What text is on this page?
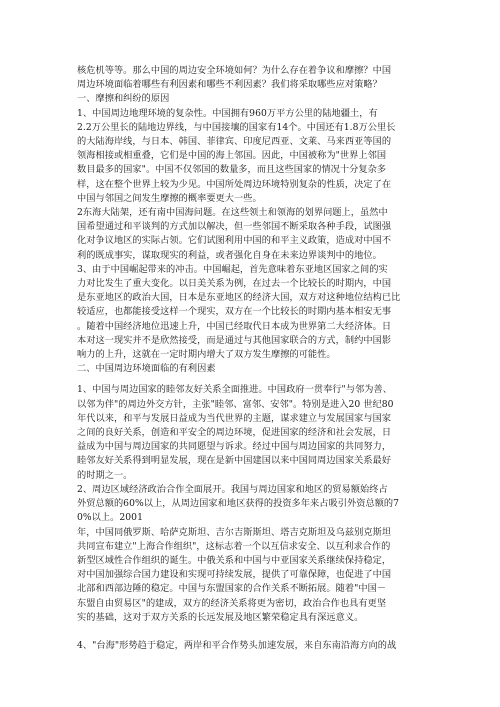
核危机等等。那么中国的周边安全环境如何？为什么存在着争议和摩擦？中国
周边环境面临着哪些有利因素和哪些不利因素？我们将采取哪些应对策略？
一、摩擦和纠纷的原因
1、中国周边地理环境的复杂性。中国拥有960万平方公里的陆地疆土，有
2.2万公里长的陆地边界线，与中国接壤的国家有14个。中国还有1.8万公里长
的大陆海岸线，与日本、韩国、菲律宾、印度尼西亚、文莱、马来西亚等国的
领海相接或相重叠，它们是中国的海上邻国。因此，中国被称为"世界上邻国
数目最多的国家"。中国不仅邻国的数量多，而且这些国家的情况十分复杂多
样，这在整个世界上较为少见。中国所处周边环境特别复杂的性质，决定了在
中国与邻国之间发生摩擦的概率要更大一些。
2东海大陆架，还有南中国海问题。在这些领土和领海的划界问题上，虽然中
国希望通过和平谈判的方式加以解决，但一些邻国不断采取各种手段，试图强
化对争议地区的实际占领。它们试图利用中国的和平主义政策，造成对中国不
利的既成事实，谋取现实的利益，或者强化自身在未来边界谈判中的地位。
3、由于中国崛起带来的冲击。中国崛起，首先意味着东亚地区国家之间的实
力对比发生了重大变化。以日美关系为例，在过去一个比较长的时期内，中国
是东亚地区的政治大国，日本是东亚地区的经济大国，双方对这种地位结构已比
较适应，也都能接受这样一个现实，双方在一个比较长的时期内基本相安无事
。随着中国经济地位迅速上升，中国已经取代日本成为世界第二大经济体。日
本对这一现实并不是欣然接受，而是通过与其他国家联合的方式，制约中国影
响力的上升，这就在一定时期内增大了双方发生摩擦的可能性。
二、中国周边环境面临的有利因素
1、中国与周边国家的睦邻友好关系全面推进。中国政府一贯奉行"与邻为善、
以邻为伴"的周边外交方针，主张"睦邻、富邻、安邻"。特别是进入20 世纪80
年代以来，和平与发展日益成为当代世界的主题，谋求建立与发展国家与国家
之间的良好关系，创造和平安全的周边环境，促进国家的经济和社会发展，日
益成为中国与周边国家的共同愿望与诉求。经过中国与周边国家的共同努力，
睦邻友好关系得到明显发展，现在是新中国建国以来中国同周边国家关系最好
的时期之一。
2、周边区域经济政治合作全面展开。我国与周边国家和地区的贸易额始终占
外贸总额的60%以上，从周边国家和地区获得的投资多年来占吸引外资总额的7
0%以上。2001
年，中国同俄罗斯、哈萨克斯坦、吉尔吉斯斯坦、塔吉克斯坦及乌兹别克斯坦
共同宣布建立"上海合作组织"，这标志着一个以互信求安全、以互利求合作的
新型区域性合作组织的诞生。中俄关系和中国与中亚国家关系继续保持稳定，
对中国加强综合国力建设和实现可持续发展，提供了可靠保障，也促进了中国
北部和西部边陲的稳定。中国与东盟国家的合作关系不断拓展。随着"中国－
东盟自由贸易区"的建成，双方的经济关系将更为密切，政治合作也具有更坚
实的基础，这对于双方关系的长远发展及地区繁荣稳定具有深远意义。
4、"台海"形势趋于稳定，两岸和平合作势头加速发展，来自东南沿海方向的战
